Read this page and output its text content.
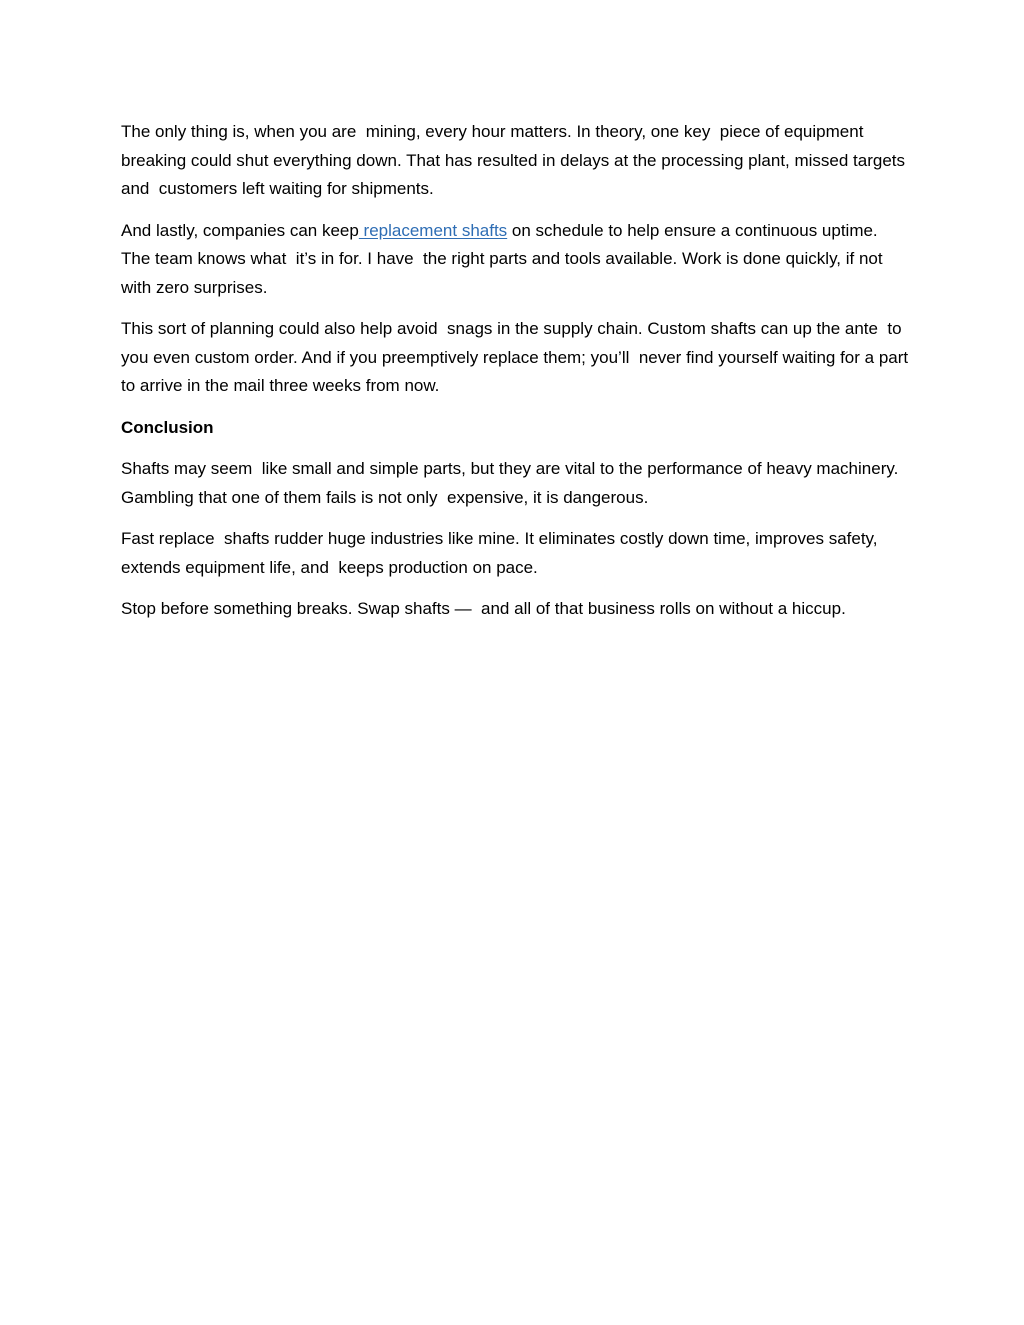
The only thing is, when you are  mining, every hour matters. In theory, one key  piece of equipment breaking could shut everything down. That has resulted in delays at the processing plant, missed targets and  customers left waiting for shipments.

And lastly, companies can keep replacement shafts on schedule to help ensure a continuous uptime. The team knows what  it’s in for. I have  the right parts and tools available. Work is done quickly, if not  with zero surprises.

This sort of planning could also help avoid  snags in the supply chain. Custom shafts can up the ante  to you even custom order. And if you preemptively replace them; you’ll  never find yourself waiting for a part to arrive in the mail three weeks from now.

Conclusion

Shafts may seem  like small and simple parts, but they are vital to the performance of heavy machinery. Gambling that one of them fails is not only  expensive, it is dangerous.

Fast replace  shafts rudder huge industries like mine. It eliminates costly down time, improves safety, extends equipment life, and  keeps production on pace.

Stop before something breaks. Swap shafts —  and all of that business rolls on without a hiccup.
